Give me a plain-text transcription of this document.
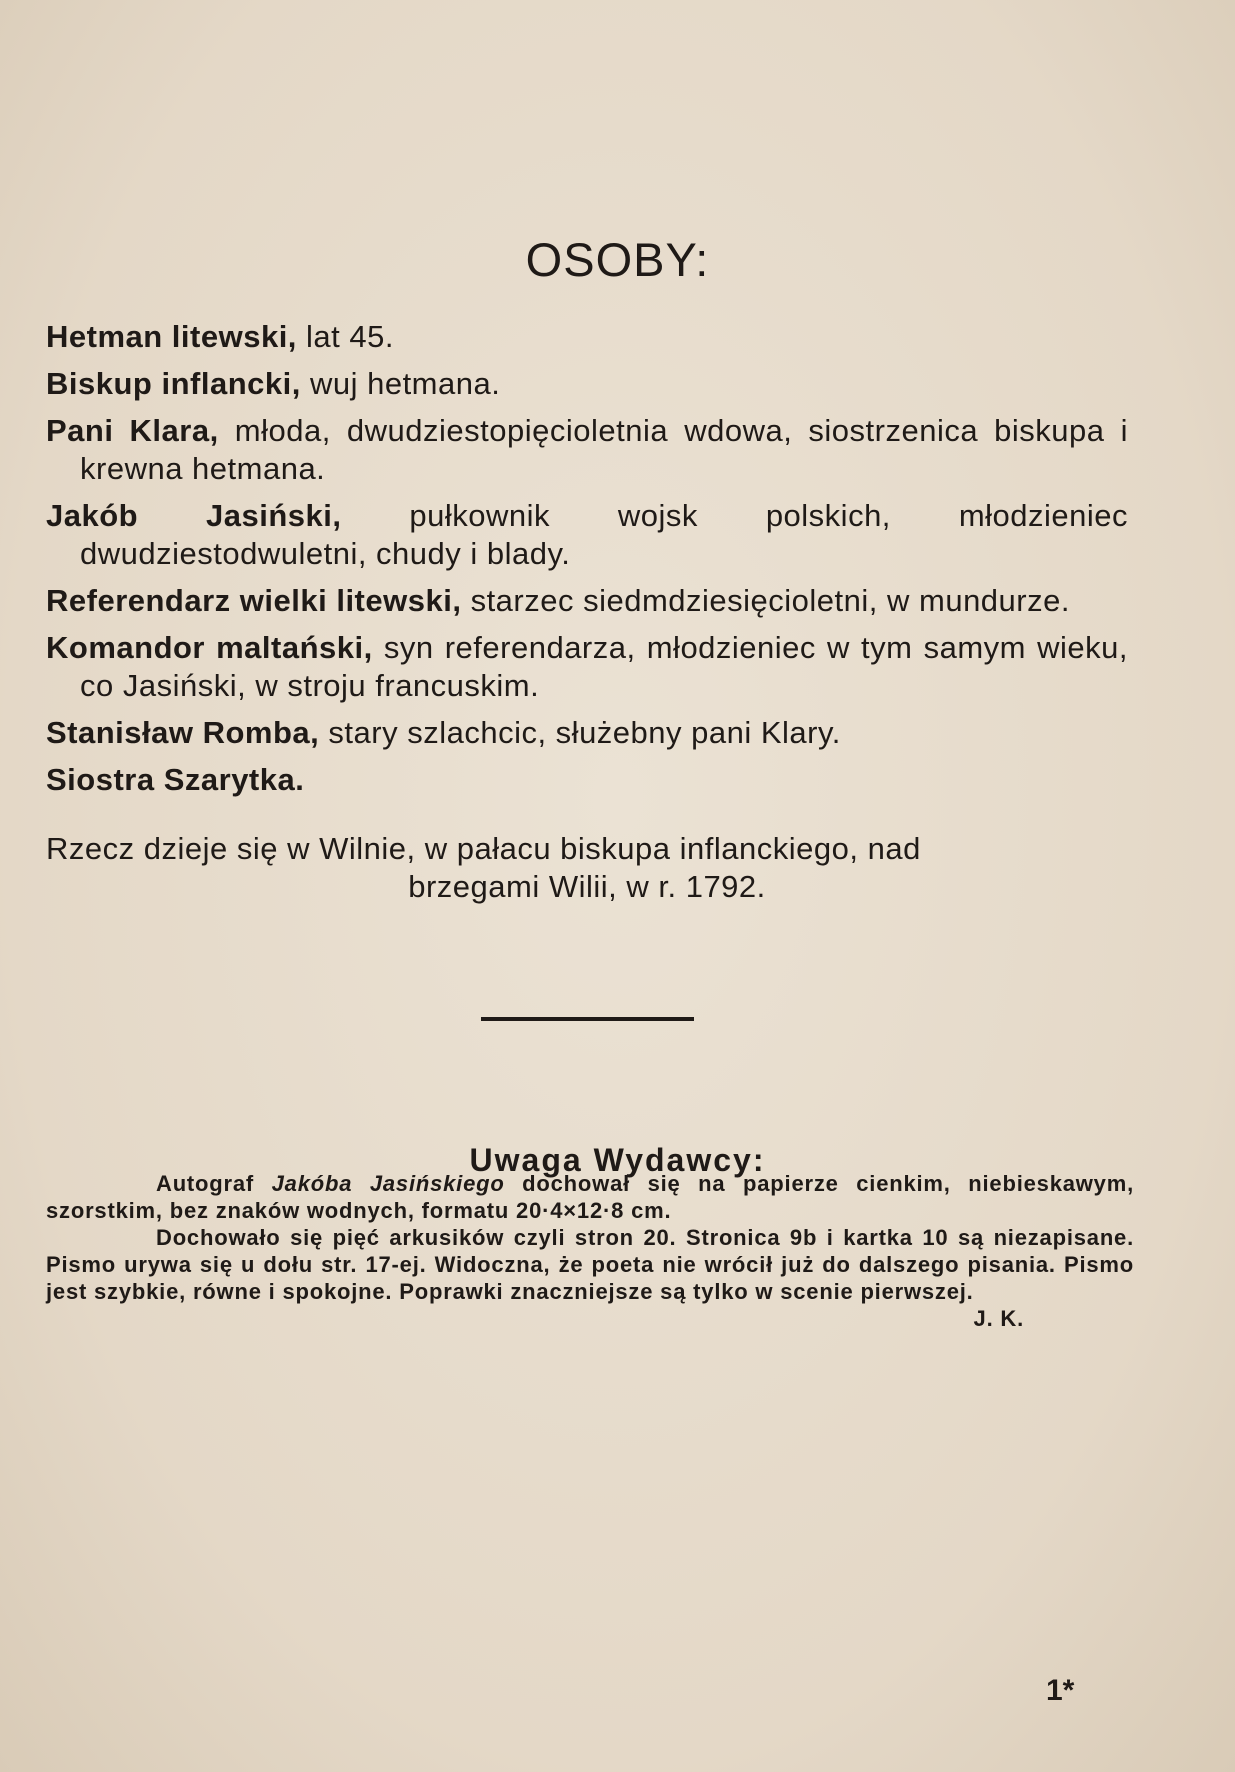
OSOBY:

Hetman litewski, lat 45.

Biskup inflancki, wuj hetmana.

Pani Klara, młoda, dwudziestopięcioletnia wdowa, siostrzenica biskupa i krewna hetmana.

Jakób Jasiński, pułkownik wojsk polskich, młodzieniec dwudziestodwuletni, chudy i blady.

Referendarz wielki litewski, starzec siedmdziesięcioletni, w mundurze.

Komandor maltański, syn referendarza, młodzieniec w tym samym wieku, co Jasiński, w stroju francuskim.

Stanisław Romba, stary szlachcic, służebny pani Klary.

Siostra Szarytka.

Rzecz dzieje się w Wilnie, w pałacu biskupa inflanckiego, nad
brzegami Wilii, w r. 1792.
Uwaga Wydawcy:

Autograf Jakóba Jasińskiego dochował się na papierze cienkim, niebieskawym, szorstkim, bez znaków wodnych, formatu 20·4×12·8 cm.

Dochowało się pięć arkusików czyli stron 20. Stronica 9b i kartka 10 są niezapisane. Pismo urywa się u dołu str. 17-ej. Widoczna, że poeta nie wrócił już do dalszego pisania. Pismo jest szybkie, równe i spokojne. Poprawki znaczniejsze są tylko w scenie pierwszej.
J. K.

1*
